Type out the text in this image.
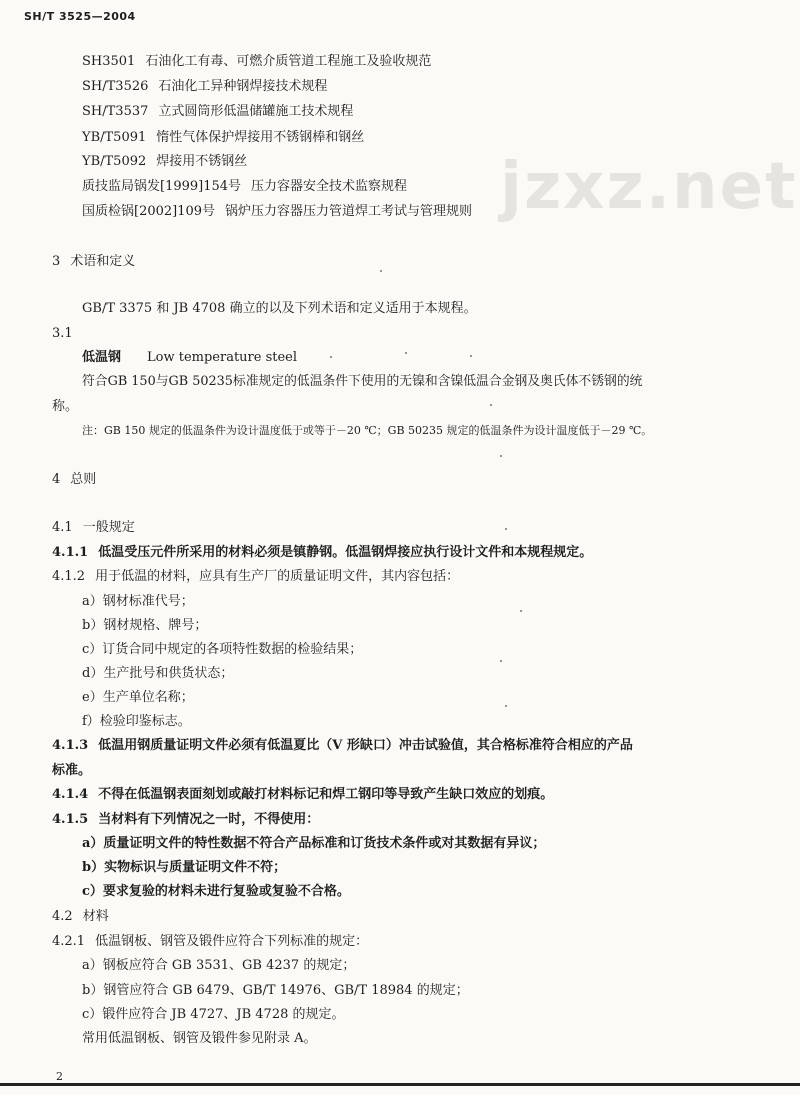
SH/T 3525—2004
jzxz.net
SH3501 石油化工有毒、可燃介质管道工程施工及验收规范
SH/T3526 石油化工异种钢焊接技术规程
SH/T3537 立式圆筒形低温储罐施工技术规程
YB/T5091 惰性气体保护焊接用不锈钢棒和钢丝
YB/T5092 焊接用不锈钢丝
质技监局锅发[1999]154号 压力容器安全技术监察规程
国质检锅[2002]109号 锅炉压力容器压力管道焊工考试与管理规则
3 术语和定义
GB/T 3375 和 JB 4708 确立的以及下列术语和定义适用于本规程。
3.1
低温钢 Low temperature steel
符合GB 150与GB 50235标准规定的低温条件下使用的无镍和含镍低温合金钢及奥氏体不锈钢的统
称。
注：GB 150 规定的低温条件为设计温度低于或等于－20 ℃；GB 50235 规定的低温条件为设计温度低于－29 ℃。
4 总则
4.1 一般规定
4.1.1 低温受压元件所采用的材料必须是镇静钢。低温钢焊接应执行设计文件和本规程规定。
4.1.2 用于低温的材料，应具有生产厂的质量证明文件，其内容包括：
a）钢材标准代号；
b）钢材规格、牌号；
c）订货合同中规定的各项特性数据的检验结果；
d）生产批号和供货状态；
e）生产单位名称；
f）检验印鉴标志。
4.1.3 低温用钢质量证明文件必须有低温夏比（V 形缺口）冲击试验值，其合格标准符合相应的产品
标准。
4.1.4 不得在低温钢表面刻划或敲打材料标记和焊工钢印等导致产生缺口效应的划痕。
4.1.5 当材料有下列情况之一时，不得使用：
a）质量证明文件的特性数据不符合产品标准和订货技术条件或对其数据有异议；
b）实物标识与质量证明文件不符；
c）要求复验的材料未进行复验或复验不合格。
4.2 材料
4.2.1 低温钢板、钢管及锻件应符合下列标准的规定：
a）钢板应符合 GB 3531、GB 4237 的规定；
b）钢管应符合 GB 6479、GB/T 14976、GB/T 18984 的规定；
c）锻件应符合 JB 4727、JB 4728 的规定。
常用低温钢板、钢管及锻件参见附录 A。
2
